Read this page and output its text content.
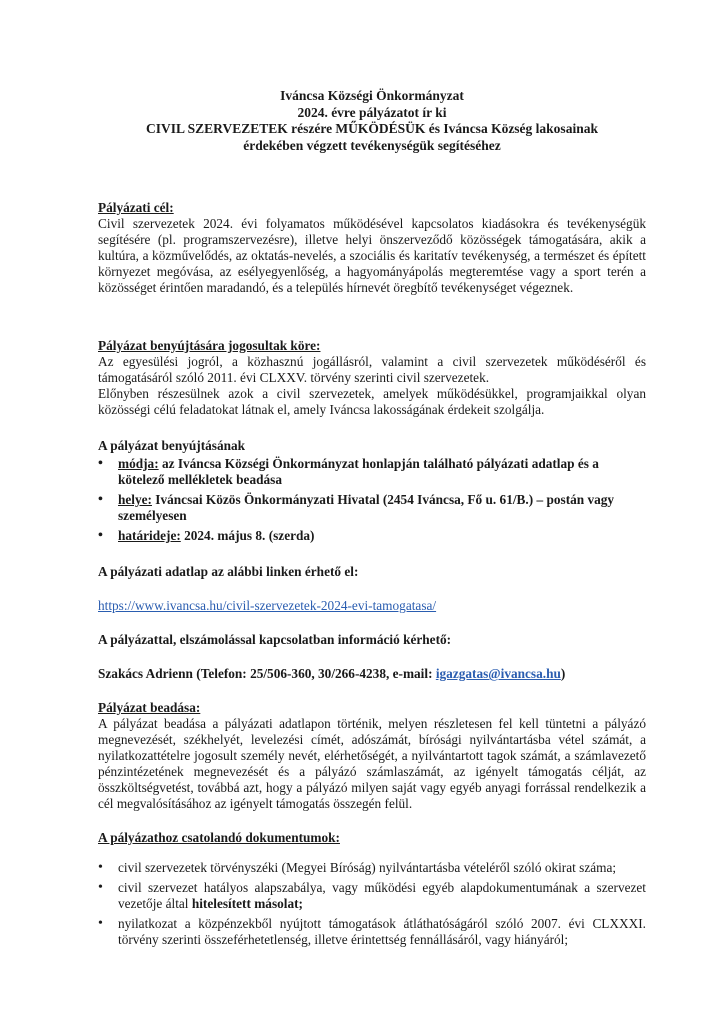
Iváncsa Községi Önkormányzat
2024. évre pályázatot ír ki
CIVIL SZERVEZETEK részére MŰKÖDÉSÜK és Iváncsa Község lakosainak
érdekében végzett tevékenységük segítéséhez
Pályázati cél:
Civil szervezetek 2024. évi folyamatos működésével kapcsolatos kiadásokra és tevékenységük segítésére (pl. programszervezésre), illetve helyi önszerveződő közösségek támogatására, akik a kultúra, a közművelődés, az oktatás-nevelés, a szociális és karitatív tevékenység, a természet és épített környezet megóvása, az esélyegyenlőség, a hagyományápolás megteremtése vagy a sport terén a közösséget érintően maradandó, és a település hírnevét öregbítő tevékenységet végeznek.
Pályázat benyújtására jogosultak köre:
Az egyesülési jogról, a közhasznú jogállásról, valamint a civil szervezetek működéséről és támogatásáról szóló 2011. évi CLXXV. törvény szerinti civil szervezetek.
Előnyben részesülnek azok a civil szervezetek, amelyek működésükkel, programjaikkal olyan közösségi célú feladatokat látnak el, amely Iváncsa lakosságának érdekeit szolgálja.
A pályázat benyújtásának
• módja: az Iváncsa Községi Önkormányzat honlapján található pályázati adatlap és a kötelező mellékletek beadása
• helye: Iváncsai Közös Önkormányzati Hivatal (2454 Iváncsa, Fő u. 61/B.) – postán vagy személyesen
• határideje: 2024. május 8. (szerda)
A pályázati adatlap az alábbi linken érhető el:
https://www.ivancsa.hu/civil-szervezetek-2024-evi-tamogatasa/
A pályázattal, elszámolással kapcsolatban információ kérhető:
Szakács Adrienn (Telefon: 25/506-360, 30/266-4238, e-mail: igazgatas@ivancsa.hu)
Pályázat beadása:
A pályázat beadása a pályázati adatlapon történik, melyen részletesen fel kell tüntetni a pályázó megnevezését, székhelyét, levelezési címét, adószámát, bírósági nyilvántartásba vétel számát, a nyilatkozattételre jogosult személy nevét, elérhetőségét, a nyilvántartott tagok számát, a számlavezető pénzintézetének megnevezését és a pályázó számlaszámát, az igényelt támogatás célját, az összköltségvetést, továbbá azt, hogy a pályázó milyen saját vagy egyéb anyagi forrással rendelkezik a cél megvalósításához az igényelt támogatás összegén felül.
A pályázathoz csatolandó dokumentumok:
• civil szervezetek törvényszéki (Megyei Bíróság) nyilvántartásba vételéről szóló okirat száma;
• civil szervezet hatályos alapszabálya, vagy működési egyéb alapdokumentumának a szervezet vezetője által hitelesített másolat;
• nyilatkozat a közpénzekből nyújtott támogatások átláthatóságáról szóló 2007. évi CLXXXI. törvény szerinti összeférhetetlenség, illetve érintettség fennállásáról, vagy hiányáról;
